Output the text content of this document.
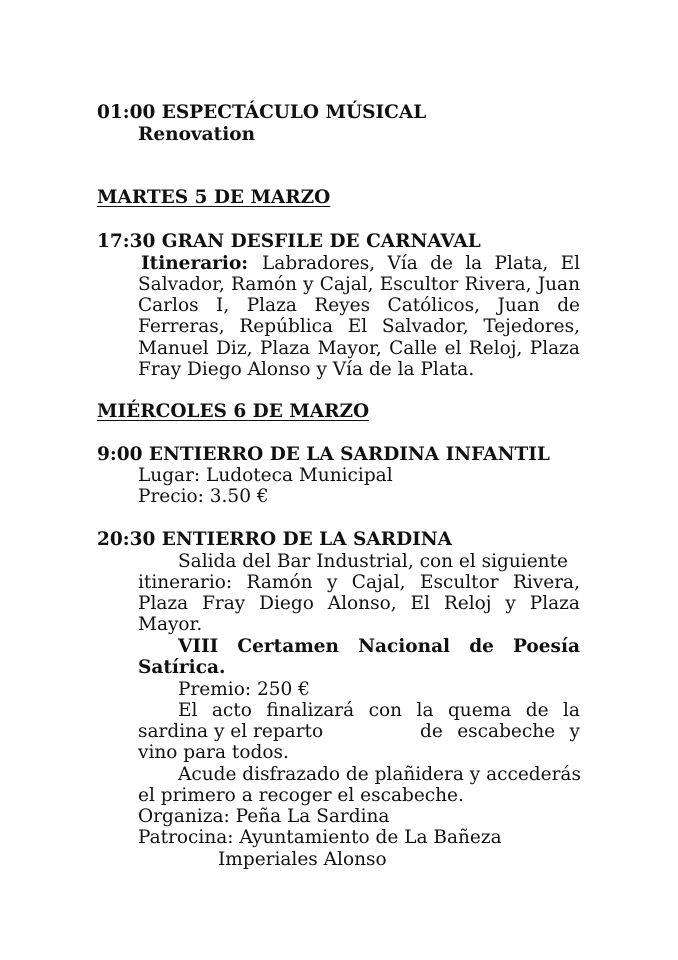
01:00 ESPECTÁCULO MÚSICAL
Renovation
MARTES 5 DE MARZO
17:30 GRAN DESFILE DE CARNAVAL
Itinerario: Labradores, Vía de la Plata, El
Salvador, Ramón y Cajal, Escultor Rivera, Juan
Carlos I, Plaza Reyes Católicos, Juan de
Ferreras, República El Salvador, Tejedores,
Manuel Diz, Plaza Mayor, Calle el Reloj, Plaza
Fray Diego Alonso y Vía de la Plata.
MIÉRCOLES 6 DE MARZO
9:00 ENTIERRO DE LA SARDINA INFANTIL
Lugar: Ludoteca Municipal
Precio: 3.50 €
20:30 ENTIERRO DE LA SARDINA
Salida del Bar Industrial, con el siguiente
itinerario: Ramón y Cajal, Escultor Rivera,
Plaza Fray Diego Alonso, El Reloj y Plaza
Mayor.
VIII Certamen Nacional de Poesía
Satírica.
Premio: 250 €
El acto finalizará con la quema de la
sardina y el reparto	de escabeche y
vino para todos.
Acude disfrazado de plañidera y accederás
el primero a recoger el escabeche.
Organiza: Peña La Sardina
Patrocina: Ayuntamiento de La Bañeza
Imperiales Alonso
